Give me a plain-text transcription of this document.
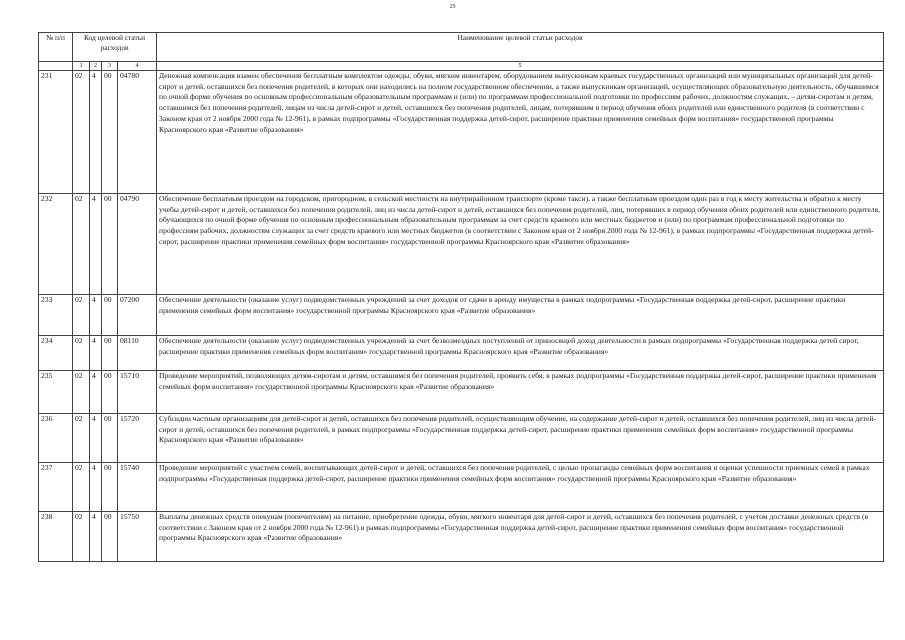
29
№ п/п	Код целевой статьи расходов				Наименование целевой статьи расходов
	1	2	3	4	5
231	02	4	00	04780	Денежная компенсация взамен обеспечения бесплатным комплектом одежды, обуви, мягким инвентарем, оборудованием выпускникам краевых государственных организаций или муниципальных организаций для детей-сирот и детей, оставшихся без попечения родителей, в которых они находились на полном государственном обеспечении, а также выпускникам организаций, осуществляющих образовательную деятельность, обучавшимся по очной форме обучения по основным профессиональным образовательным программам и (или) по программам профессиональной подготовки по профессиям рабочих, должностям служащих, – детям-сиротам и детям, оставшимся без попечения родителей, лицам из числа детей-сирот и детей, оставшихся без попечения родителей, лицам, потерявшим в период обучения обоих родителей или единственного родителя (в соответствии с Законом края от 2 ноября 2000 года № 12-961), в рамках подпрограммы «Государственная поддержка детей-сирот, расширение практики применения семейных форм воспитания» государственной программы Красноярского края «Развитие образования»
232	02	4	00	04790	Обеспечение бесплатным проездом на городском, пригородном, в сельской местности на внутрирайонном транспорте (кроме такси), а также бесплатным проездом один раз в год к месту жительства и обратно к месту учебы детей-сирот и детей, оставшихся без попечения родителей, лиц из числа детей-сирот и детей, оставшихся без попечения родителей, лиц, потерявших в период обучения обоих родителей или единственного родителя, обучающихся по очной форме обучения по основным профессиональным образовательным программам за счет средств краевого или местных бюджетов и (или) по программам профессиональной подготовки по профессиям рабочих, должностям служащих за счет средств краевого или местных бюджетов (в соответствии с Законом края от 2 ноября 2000 года № 12-961), в рамках подпрограммы «Государственная поддержка детей-сирот, расширение практики применения семейных форм воспитания» государственной программы Красноярского края «Развитие образования»
233	02	4	00	07200	Обеспечение деятельности (оказание услуг) подведомственных учреждений за счет доходов от сдачи в аренду имущества в рамках подпрограммы «Государственная поддержка детей-сирот, расширение практики применения семейных форм воспитания» государственной программы Красноярского края «Развитие образования»
234	02	4	00	08110	Обеспечение деятельности (оказание услуг) подведомственных учреждений за счет безвозмездных поступлений от приносящей доход деятельности в рамках подпрограммы «Государственная поддержка детей сирот, расширение практики применения семейных форм воспитания» государственной программы Красноярского края «Развитие образования»
235	02	4	00	15710	Проведение мероприятий, позволяющих детям-сиротам и детям, оставшимся без попечения родителей, проявить себя, в рамках подпрограммы «Государственная поддержка детей-сирот, расширение практики применения семейных форм воспитания» государственной программы Красноярского края «Развитие образования»
236	02	4	00	15720	Субсидии частным организациям для детей-сирот и детей, оставшихся без попечения родителей, осуществляющим обучение, на содержание детей-сирот и детей, оставшихся без попечения родителей, лиц из числа детей-сирот и детей, оставшихся без попечения родителей, в рамках подпрограммы «Государственная поддержка детей-сирот, расширение практики применения семейных форм воспитания» государственной программы Красноярского края «Развитие образования»
237	02	4	00	15740	Проведение мероприятий с участием семей, воспитывающих детей-сирот и детей, оставшихся без попечения родителей, с целью пропаганды семейных форм воспитания и оценки успешности приемных семей в рамках подпрограммы «Государственная поддержка детей-сирот, расширение практики применения семейных форм воспитания» государственной программы Красноярского края «Развитие образования»
238	02	4	00	15750	Выплаты денежных средств опекунам (попечителям) на питание, приобретение одежды, обуви, мягкого инвентаря для детей-сирот и детей, оставшихся без попечения родителей, с учетом доставки денежных средств (в соответствии с Законом края от 2 ноября 2000 года № 12-961) в рамках подпрограммы «Государственная поддержка детей-сирот, расширение практики применения семейных форм воспитания» государственной программы Красноярского края «Развитие образования»
